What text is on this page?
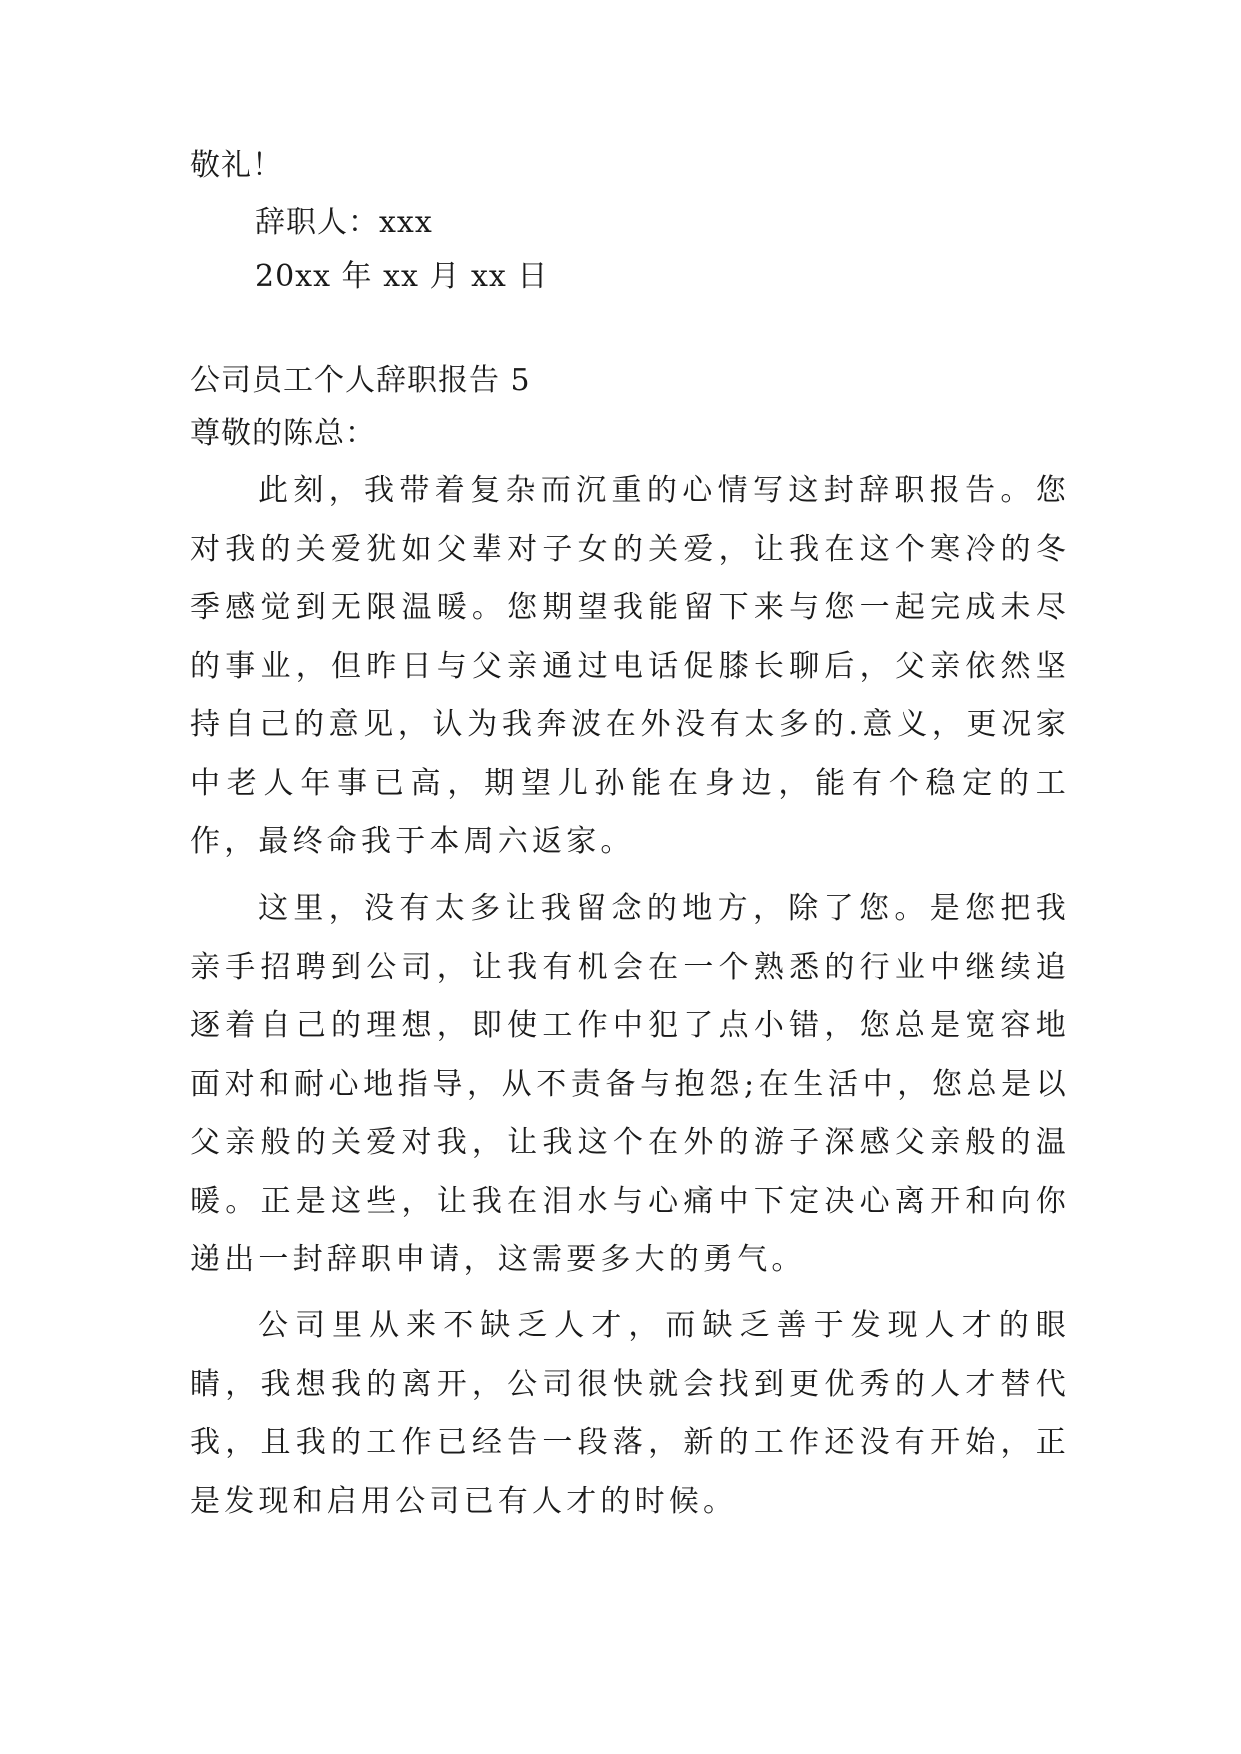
敬礼！
辞职人：xxx
20xx 年 xx 月 xx 日
公司员工个人辞职报告 5
尊敬的陈总：

此刻，我带着复杂而沉重的心情写这封辞职报告。您对我的关爱犹如父辈对子女的关爱，让我在这个寒冷的冬季感觉到无限温暖。您期望我能留下来与您一起完成未尽的事业，但昨日与父亲通过电话促膝长聊后，父亲依然坚持自己的意见，认为我奔波在外没有太多的.意义，更况家中老人年事已高，期望儿孙能在身边，能有个稳定的工作，最终命我于本周六返家。

这里，没有太多让我留念的地方，除了您。是您把我亲手招聘到公司，让我有机会在一个熟悉的行业中继续追逐着自己的理想，即使工作中犯了点小错，您总是宽容地面对和耐心地指导，从不责备与抱怨;在生活中，您总是以父亲般的关爱对我，让我这个在外的游子深感父亲般的温暖。正是这些，让我在泪水与心痛中下定决心离开和向你递出一封辞职申请，这需要多大的勇气。

公司里从来不缺乏人才，而缺乏善于发现人才的眼睛，我想我的离开，公司很快就会找到更优秀的人才替代我，且我的工作已经告一段落，新的工作还没有开始，正是发现和启用公司已有人才的时候。
